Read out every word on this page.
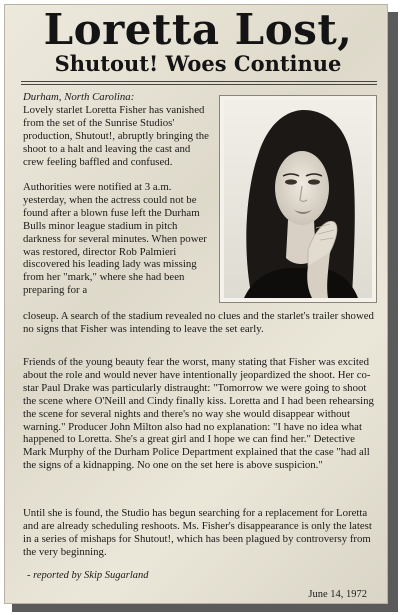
Loretta Lost,
Shutout! Woes Continue

Durham, North Carolina:
Lovely starlet Loretta Fisher has vanished from the set of the Sunrise Studios' production, Shutout!, abruptly bringing the shoot to a halt and leaving the cast and crew feeling baffled and confused.

Authorities were notified at 3 a.m. yesterday, when the actress could not be found after a blown fuse left the Durham Bulls minor league stadium in pitch darkness for several minutes. When power was restored, director Rob Palmieri discovered his leading lady was missing from her "mark," where she had been preparing for a

closeup. A search of the stadium revealed no clues and the starlet's trailer showed no signs that Fisher was intending to leave the set early.

Friends of the young beauty fear the worst, many stating that Fisher was excited about the role and would never have intentionally jeopardized the shoot. Her co-star Paul Drake was particularly distraught: "Tomorrow we were going to shoot the scene where O'Neill and Cindy finally kiss. Loretta and I had been rehearsing the scene for several nights and there's no way she would disappear without warning." Producer John Milton also had no explanation: "I have no idea what happened to Loretta. She's a great girl and I hope we can find her." Detective Mark Murphy of the Durham Police Department explained that the case "had all the signs of a kidnapping. No one on the set here is above suspicion."

Until she is found, the Studio has begun searching for a replacement for Loretta and are already scheduling reshoots. Ms. Fisher's disappearance is only the latest in a series of mishaps for Shutout!, which has been plagued by controversy from the very beginning.

- reported by Skip Sugarland

June 14, 1972
